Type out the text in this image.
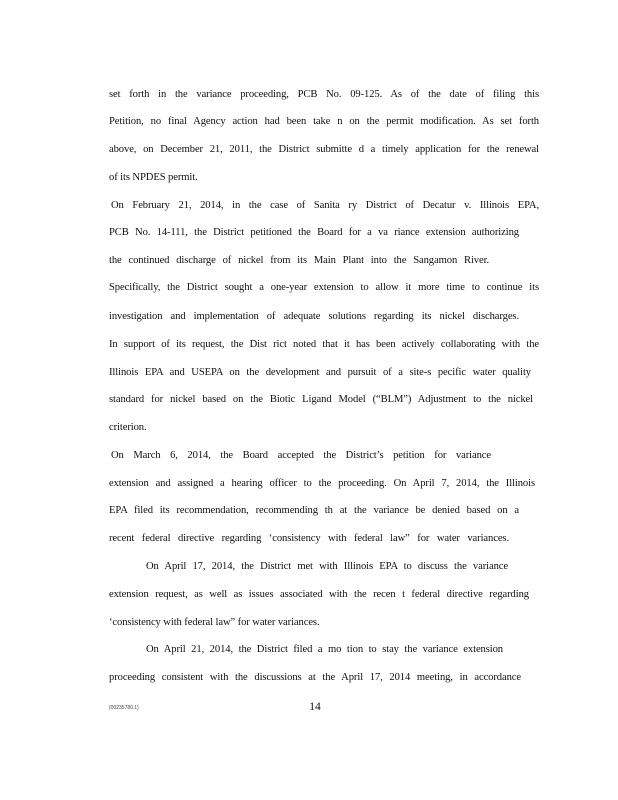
set forth in the variance proceeding, PCB No. 09-125. As of the date of filing this
Petition, no final Agency action had been take n on the permit modification. As set forth
above, on December 21, 2011, the District submitte d a timely application for the renewal
of its NPDES permit.
On February 21, 2014, in the case of Sanita ry District of Decatur v. Illinois EPA,
PCB No. 14-111, the District petitioned the Board for a va riance extension authorizing
the continued discharge of nickel from its Main Plant into the Sangamon River.
Specifically, the District sought a one-year extension to allow it more time to continue its
investigation and implementation of adequate solutions regarding its nickel discharges.
In support of its request, the Dist rict noted that it has been actively collaborating with the
Illinois EPA and USEPA on the development and pursuit of a site-s pecific water quality
standard for nickel based on the Biotic Ligand Model (“BLM”) Adjustment to the nickel
criterion.
On March 6, 2014, the Board accepted the District’s petition for variance
extension and assigned a hearing officer to the proceeding. On April 7, 2014, the Illinois
EPA filed its recommendation, recommending th at the variance be denied based on a
recent federal directive regarding ‘consistency with federal law” for water variances.
On April 17, 2014, the District met with Illinois EPA to discuss the variance
extension request, as well as issues associated with the recen t federal directive regarding
‘consistency with federal law” for water variances.
On April 21, 2014, the District filed a mo tion to stay the variance extension
proceeding consistent with the discussions at the April 17, 2014 meeting, in accordance
{00235780.1}	14
